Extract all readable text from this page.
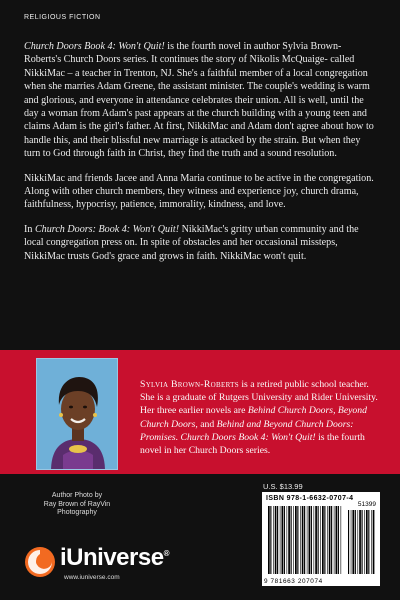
RELIGIOUS FICTION

Church Doors Book 4: Won't Quit! is the fourth novel in author Sylvia Brown-Roberts's Church Doors series. It continues the story of Nikolis McQuaige- called NikkiMac – a teacher in Trenton, NJ. She's a faithful member of a local congregation when she marries Adam Greene, the assistant minister. The couple's wedding is warm and glorious, and everyone in attendance celebrates their union. All is well, until the day a woman from Adam's past appears at the church building with a young teen and claims Adam is the girl's father. At first, NikkiMac and Adam don't agree about how to handle this, and their blissful new marriage is attacked by the strain. But when they turn to God through faith in Christ, they find the truth and a sound resolution.

NikkiMac and friends Jacee and Anna Maria continue to be active in the congregation. Along with other church members, they witness and experience joy, church drama, faithfulness, hypocrisy, patience, immorality, kindness, and love.

In Church Doors: Book 4: Won't Quit! NikkiMac's gritty urban community and the local congregation press on. In spite of obstacles and her occasional missteps, NikkiMac trusts God's grace and grows in faith. NikkiMac won't quit.

Sylvia Brown-Roberts is a retired public school teacher. She is a graduate of Rutgers University and Rider University. Her three earlier novels are Behind Church Doors, Beyond Church Doors, and Behind and Beyond Church Doors: Promises. Church Doors Book 4: Won't Quit! is the fourth novel in her Church Doors series.
Author Photo by
Ray Brown of RayVin
Photography
iUniverse®
www.iuniverse.com
U.S. $13.99
ISBN 978-1-6632-0707-4
51399
9 781663 207074
